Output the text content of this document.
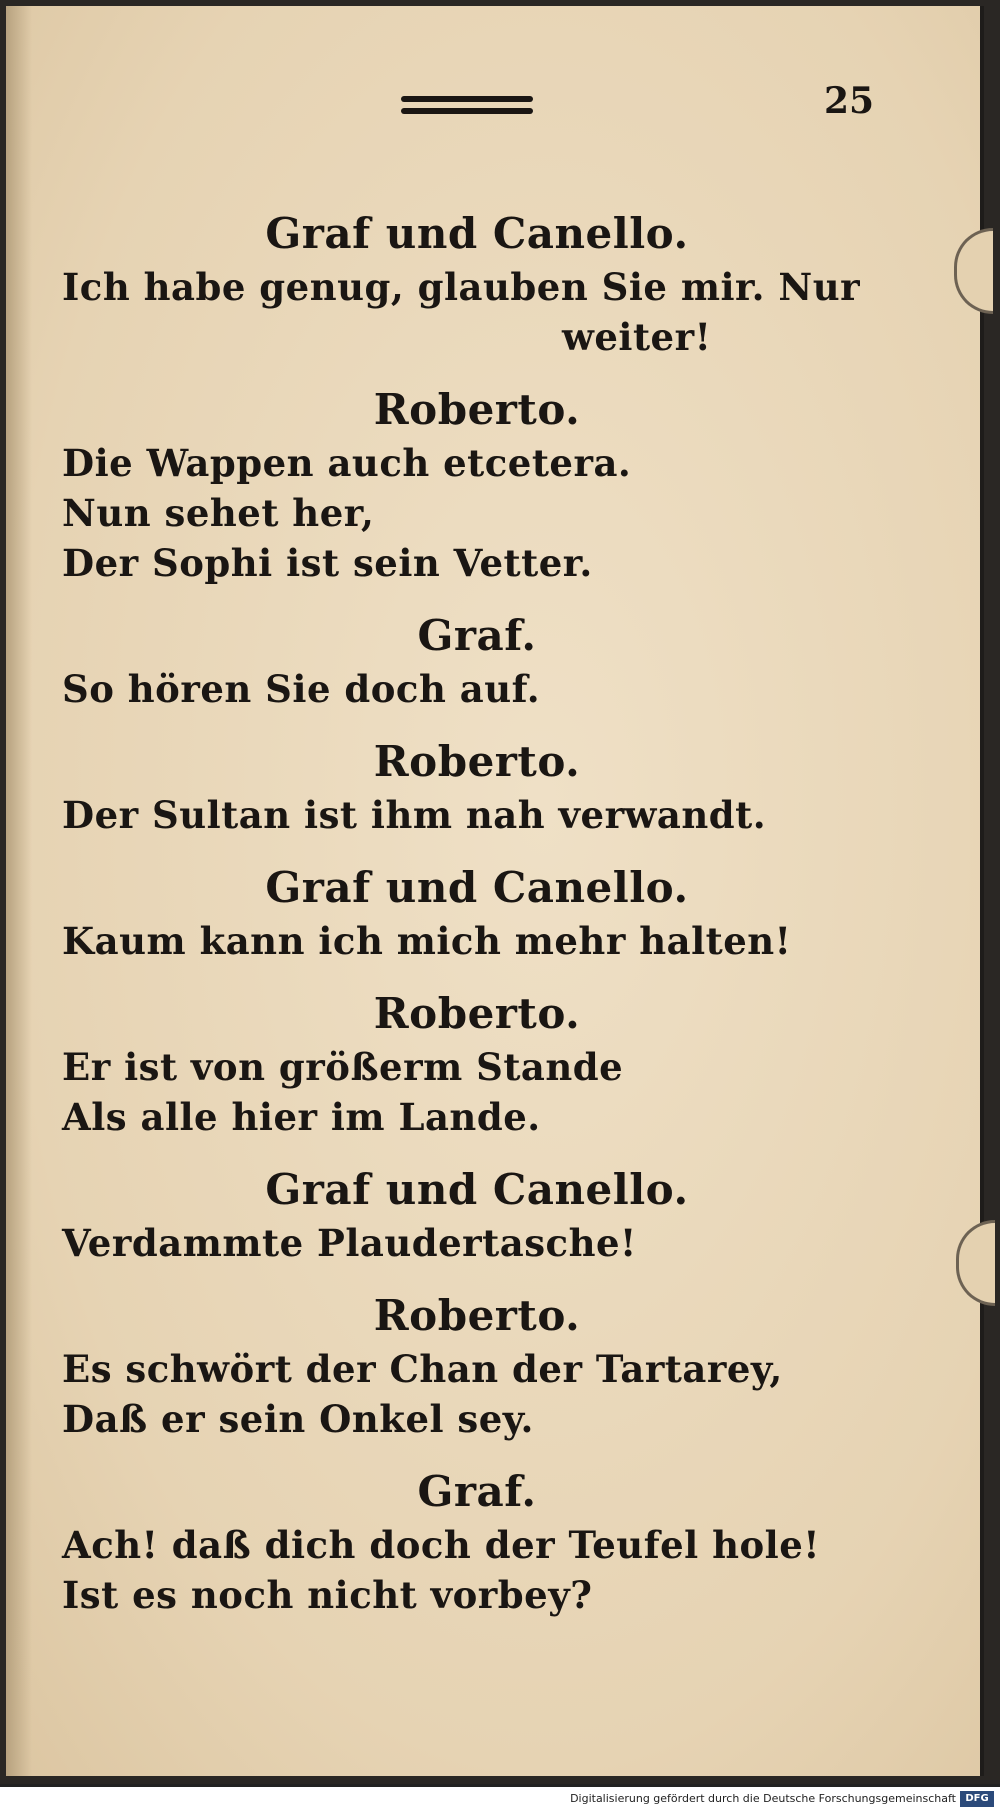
25
Graf und Canello.
Ich habe genug, glauben Sie mir. Nur
weiter!
Roberto.
Die Wappen auch etcetera.
Nun sehet her,
Der Sophi ist sein Vetter.
Graf.
So hören Sie doch auf.
Roberto.
Der Sultan ist ihm nah verwandt.
Graf und Canello.
Kaum kann ich mich mehr halten!
Roberto.
Er ist von größerm Stande
Als alle hier im Lande.
Graf und Canello.
Verdammte Plaudertasche!
Roberto.
Es schwört der Chan der Tartarey,
Daß er sein Onkel sey.
Graf.
Ach! daß dich doch der Teufel hole!
Ist es noch nicht vorbey?
Digitalisierung gefördert durch die Deutsche Forschungsgemeinschaft DFG
